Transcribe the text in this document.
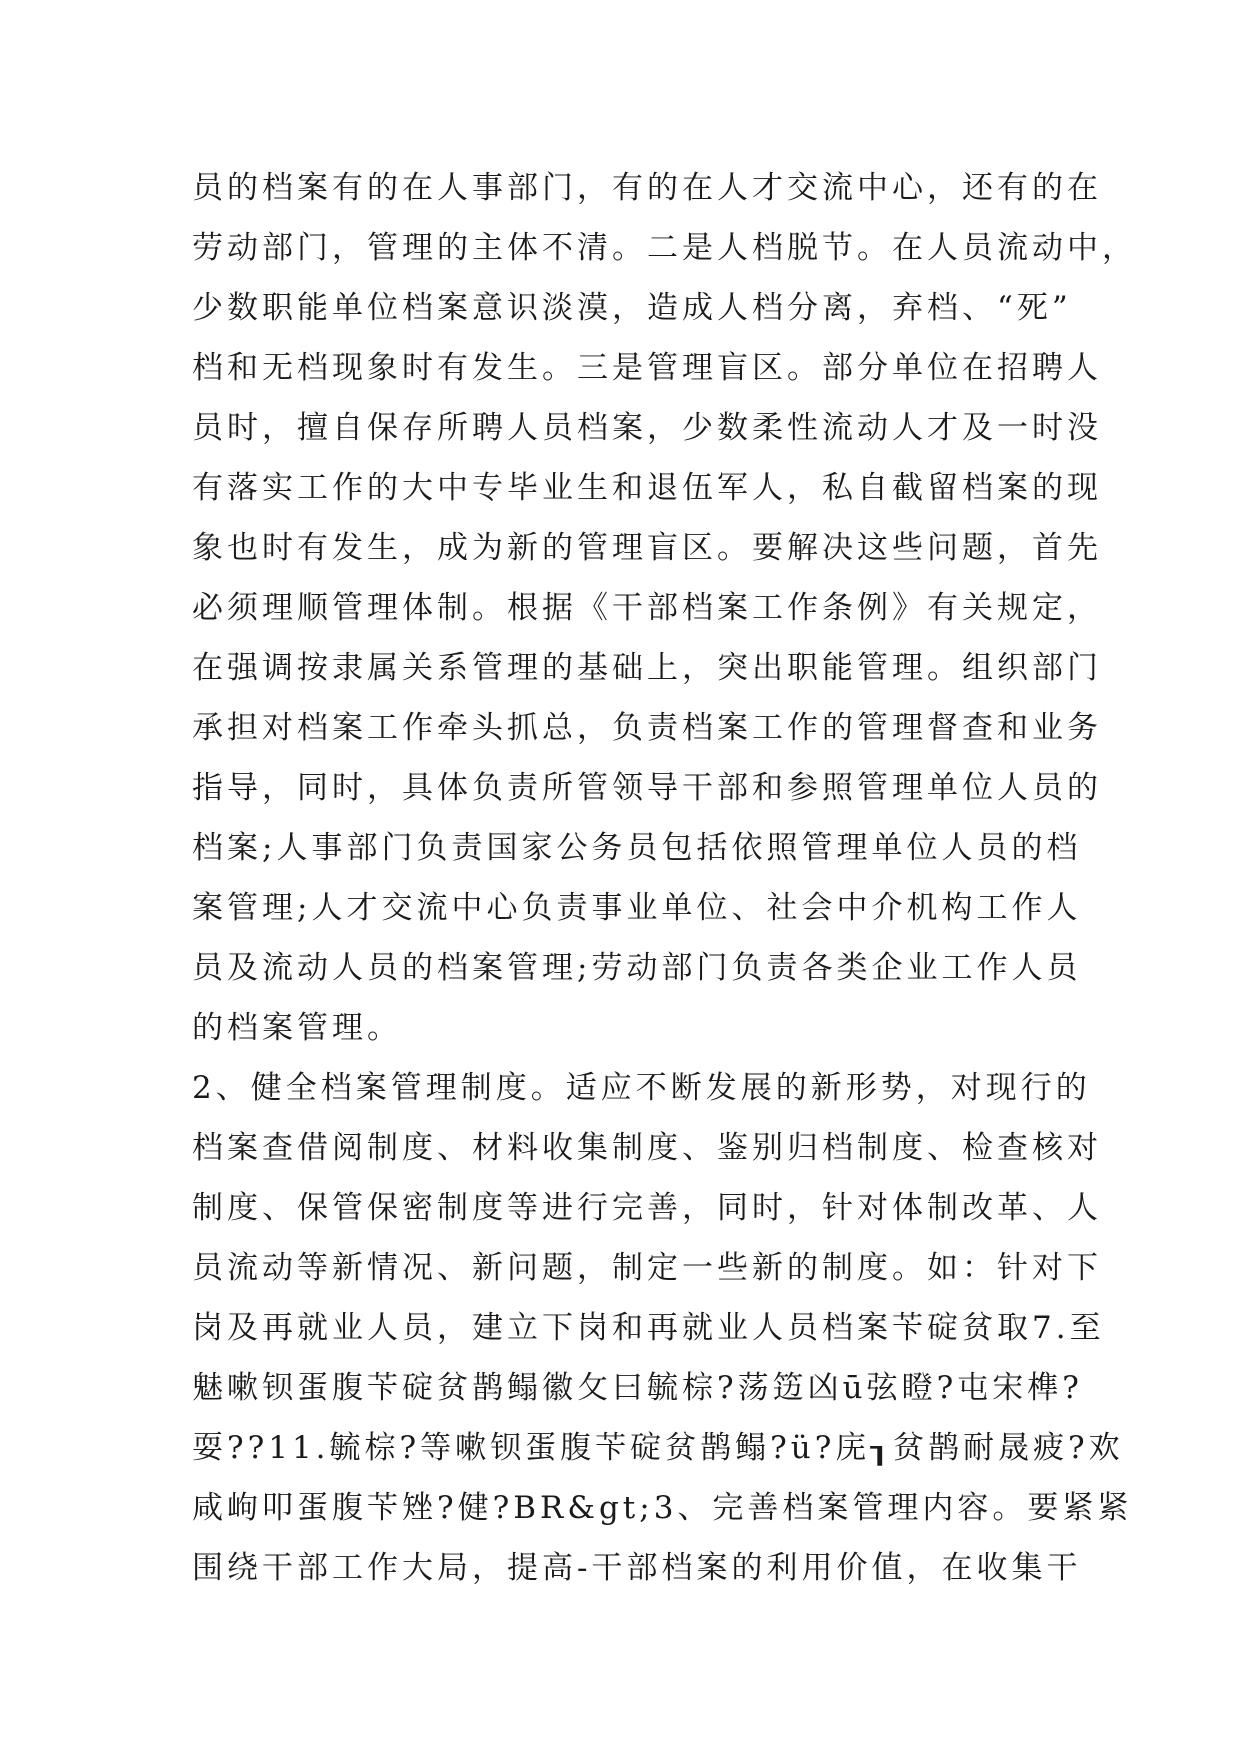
员的档案有的在人事部门，有的在人才交流中心，还有的在
劳动部门，管理的主体不清。二是人档脱节。在人员流动中，
少数职能单位档案意识淡漠，造成人档分离，弃档、“死”
档和无档现象时有发生。三是管理盲区。部分单位在招聘人
员时，擅自保存所聘人员档案，少数柔性流动人才及一时没
有落实工作的大中专毕业生和退伍军人，私自截留档案的现
象也时有发生，成为新的管理盲区。要解决这些问题，首先
必须理顺管理体制。根据《干部档案工作条例》有关规定，
在强调按隶属关系管理的基础上，突出职能管理。组织部门
承担对档案工作牵头抓总，负责档案工作的管理督查和业务
指导，同时，具体负责所管领导干部和参照管理单位人员的
档案;人事部门负责国家公务员包括依照管理单位人员的档
案管理;人才交流中心负责事业单位、社会中介机构工作人
员及流动人员的档案管理;劳动部门负责各类企业工作人员
的档案管理。
2、健全档案管理制度。适应不断发展的新形势，对现行的
档案查借阅制度、材料收集制度、鉴别归档制度、检查核对
制度、保管保密制度等进行完善，同时，针对体制改革、人
员流动等新情况、新问题，制定一些新的制度。如：针对下
岗及再就业人员，建立下岗和再就业人员档案苄碇贫取7.至
魅嗽钡蛋腹苄碇贫鹊鳎徽攵曰毓棕?荡笾凶ū弦瞪?屯宋榫?
耍??11.毓棕?等嗽钡蛋腹苄碇贫鹊鳎?ü?庑┒贫鹊耐晟疲?欢
咸岣叩蛋腹苄矬?健?BR&gt;3、完善档案管理内容。要紧紧
围绕干部工作大局，提高-干部档案的利用价值，在收集干
